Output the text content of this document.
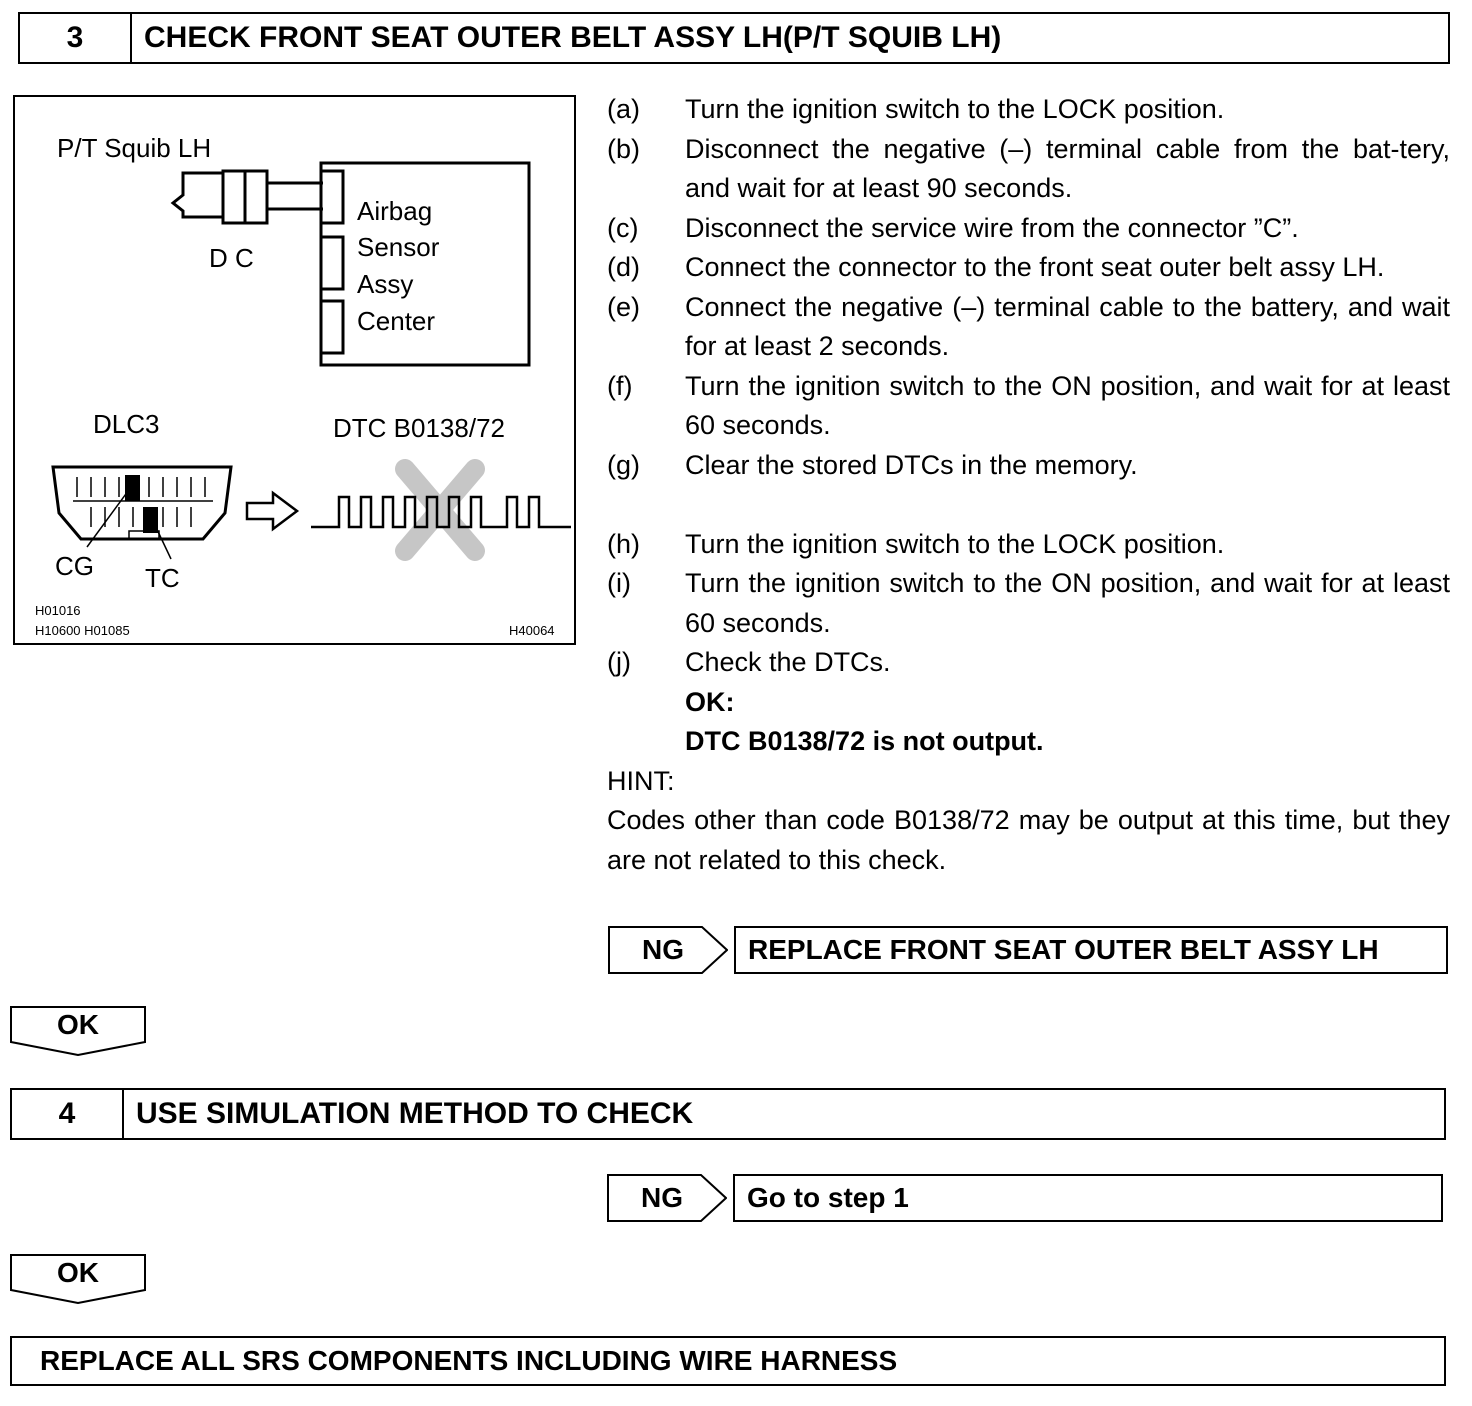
3	CHECK FRONT SEAT OUTER BELT ASSY LH(P/T SQUIB LH)
P/T Squib LH
D C
Airbag
Sensor
Assy
Center
DLC3	DTC B0138/72
CG TC
H01016
H10600 H01085	H40064
(a)	Turn the ignition switch to the LOCK position.
(b)	Disconnect the negative (–) terminal cable from the bat-tery, and wait for at least 90 seconds.
(c)	Disconnect the service wire from the connector ”C”.
(d)	Connect the connector to the front seat outer belt assy LH.
(e)	Connect the negative (–) terminal cable to the battery, and wait for at least 2 seconds.
(f)	Turn the ignition switch to the ON position, and wait for at least 60 seconds.
(g)	Clear the stored DTCs in the memory.
(h)	Turn the ignition switch to the LOCK position.
(i)	Turn the ignition switch to the ON position, and wait for at least 60 seconds.
(j)	Check the DTCs.
OK:
DTC B0138/72 is not output.
HINT:
Codes other than code B0138/72 may be output at this time, but they are not related to this check.
NG	REPLACE FRONT SEAT OUTER BELT ASSY LH
OK
4	USE SIMULATION METHOD TO CHECK
NG	Go to step 1
OK
REPLACE ALL SRS COMPONENTS INCLUDING WIRE HARNESS
